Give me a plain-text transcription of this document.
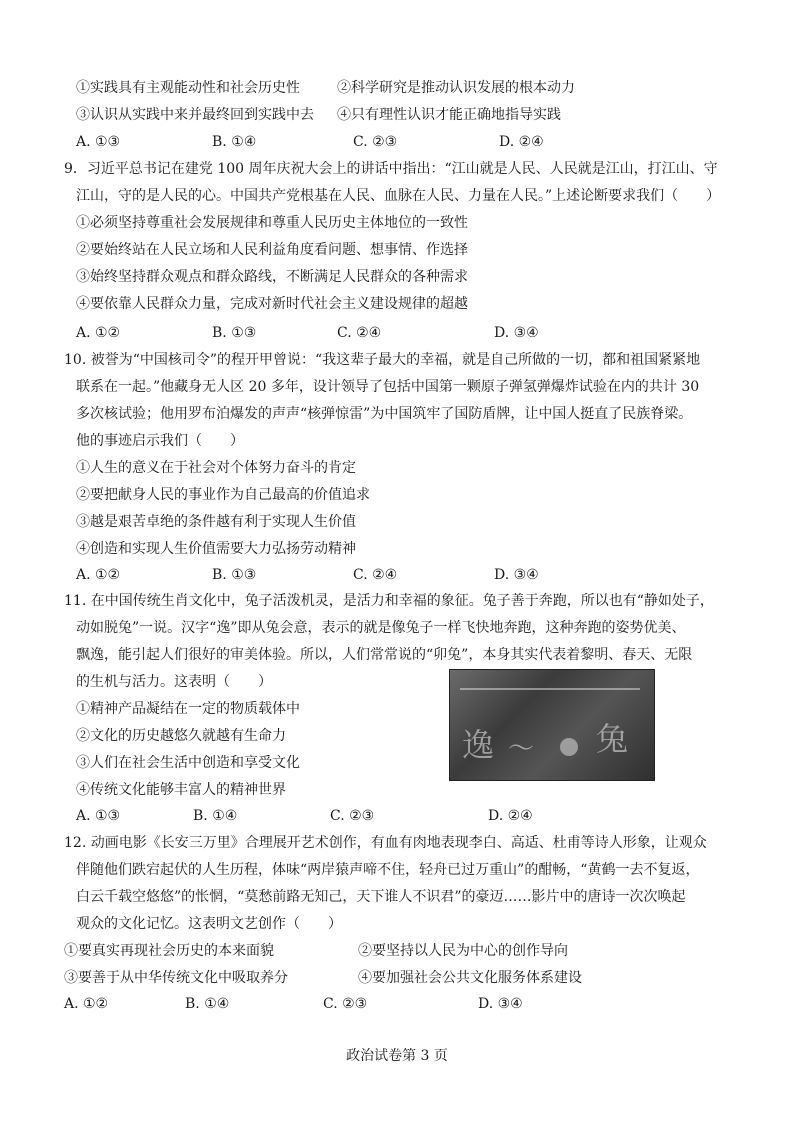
①实践具有主观能动性和社会历史性	②科学研究是推动认识发展的根本动力
③认识从实践中来并最终回到实践中去 ④只有理性认识才能正确地指导实践
A. ①③	B. ①④	C. ②③	D. ②④
9．习近平总书记在建党 100 周年庆祝大会上的讲话中指出：“江山就是人民、人民就是江山，打江山、守
江山，守的是人民的心。中国共产党根基在人民、血脉在人民、力量在人民。”上述论断要求我们（　　）
①必须坚持尊重社会发展规律和尊重人民历史主体地位的一致性
②要始终站在人民立场和人民利益角度看问题、想事情、作选择
③始终坚持群众观点和群众路线，不断满足人民群众的各种需求
④要依靠人民群众力量，完成对新时代社会主义建设规律的超越
A. ①②	B. ①③	C. ②④	D. ③④
10. 被誉为“中国核司令”的程开甲曾说：“我这辈子最大的幸福，就是自己所做的一切，都和祖国紧紧地
联系在一起。”他藏身无人区 20 多年，设计领导了包括中国第一颗原子弹氢弹爆炸试验在内的共计 30
多次核试验；他用罗布泊爆发的声声“核弹惊雷”为中国筑牢了国防盾牌，让中国人挺直了民族脊梁。
他的事迹启示我们（　　）
①人生的意义在于社会对个体努力奋斗的肯定
②要把献身人民的事业作为自己最高的价值追求
③越是艰苦卓绝的条件越有利于实现人生价值
④创造和实现人生价值需要大力弘扬劳动精神
A. ①②	B. ①③	C. ②④	D. ③④
11. 在中国传统生肖文化中，兔子活泼机灵，是活力和幸福的象征。兔子善于奔跑，所以也有“静如处子，
动如脱兔”一说。汉字“逸”即从兔会意，表示的就是像兔子一样飞快地奔跑，这种奔跑的姿势优美、
飘逸，能引起人们很好的审美体验。所以，人们常常说的“卯兔”，本身其实代表着黎明、春天、无限
的生机与活力。这表明（　　）
①精神产品凝结在一定的物质载体中
②文化的历史越悠久就越有生命力
③人们在社会生活中创造和享受文化
④传统文化能够丰富人的精神世界
A. ①③	B. ①④	C. ②③	D. ②④
逸 ～ 兔
12. 动画电影《长安三万里》合理展开艺术创作，有血有肉地表现李白、高适、杜甫等诗人形象，让观众
伴随他们跌宕起伏的人生历程，体味“两岸猿声啼不住，轻舟已过万重山”的酣畅，“黄鹤一去不复返，
白云千载空悠悠”的怅惘，“莫愁前路无知己，天下谁人不识君”的豪迈……影片中的唐诗一次次唤起
观众的文化记忆。这表明文艺创作（　　）
①要真实再现社会历史的本来面貌	②要坚持以人民为中心的创作导向
③要善于从中华传统文化中吸取养分	④要加强社会公共文化服务体系建设
A. ①②	B. ①④	C. ②③	D. ③④
政治试卷第 3 页
